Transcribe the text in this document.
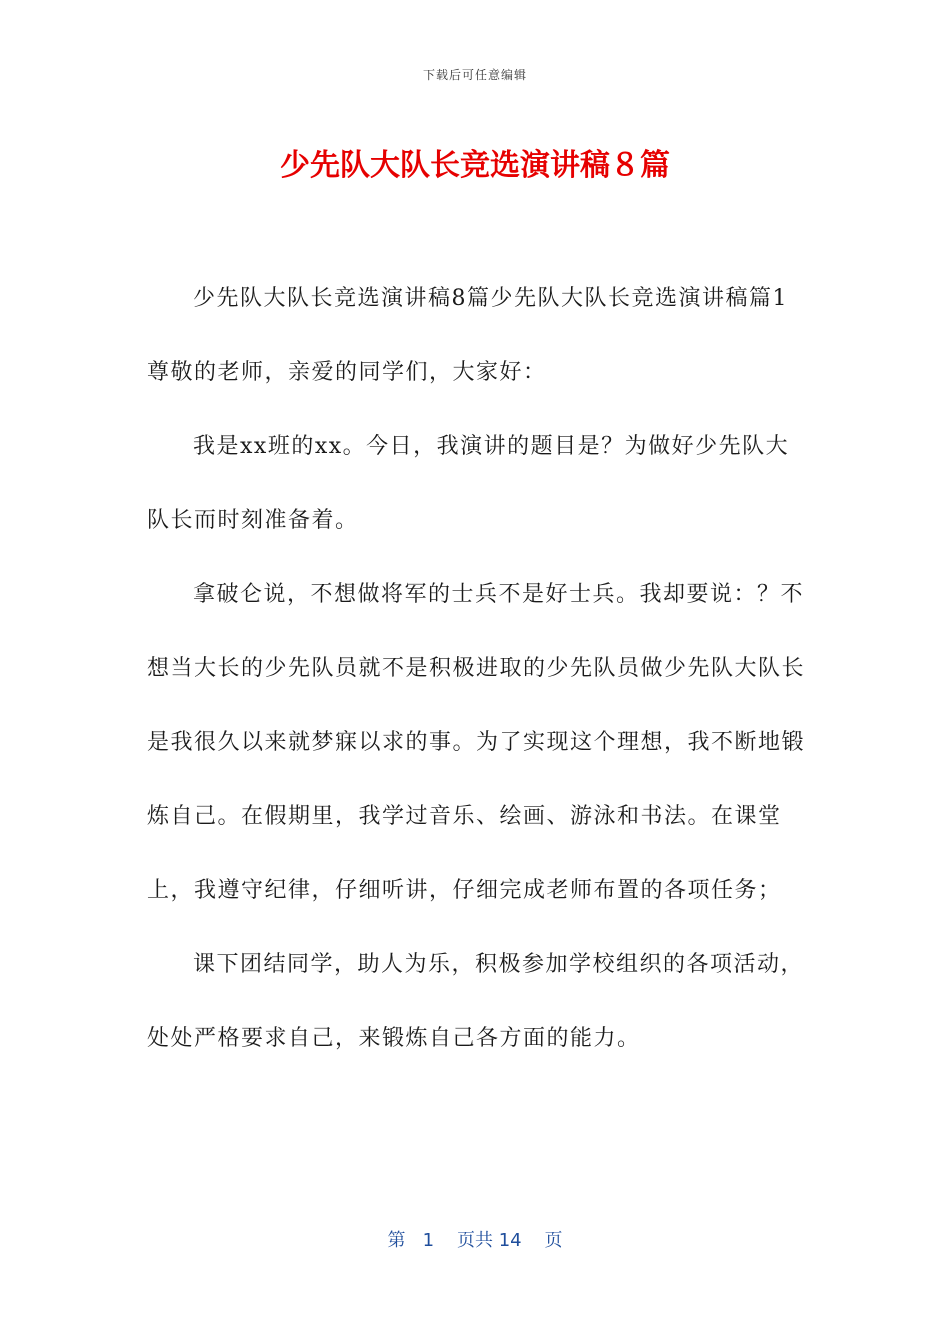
下载后可任意编辑
少先队大队长竞选演讲稿８篇

少先队大队长竞选演讲稿8篇少先队大队长竞选演讲稿篇1

尊敬的老师，亲爱的同学们，大家好：

我是xx班的xx。今日，我演讲的题目是？为做好少先队大队长而时刻准备着。

拿破仑说，不想做将军的士兵不是好士兵。我却要说：？不想当大长的少先队员就不是积极进取的少先队员做少先队大队长是我很久以来就梦寐以求的事。为了实现这个理想，我不断地锻炼自己。在假期里，我学过音乐、绘画、游泳和书法。在课堂上，我遵守纪律，仔细听讲，仔细完成老师布置的各项任务；

课下团结同学，助人为乐，积极参加学校组织的各项活动，处处严格要求自己，来锻炼自己各方面的能力。

第 1 页共 14 页
